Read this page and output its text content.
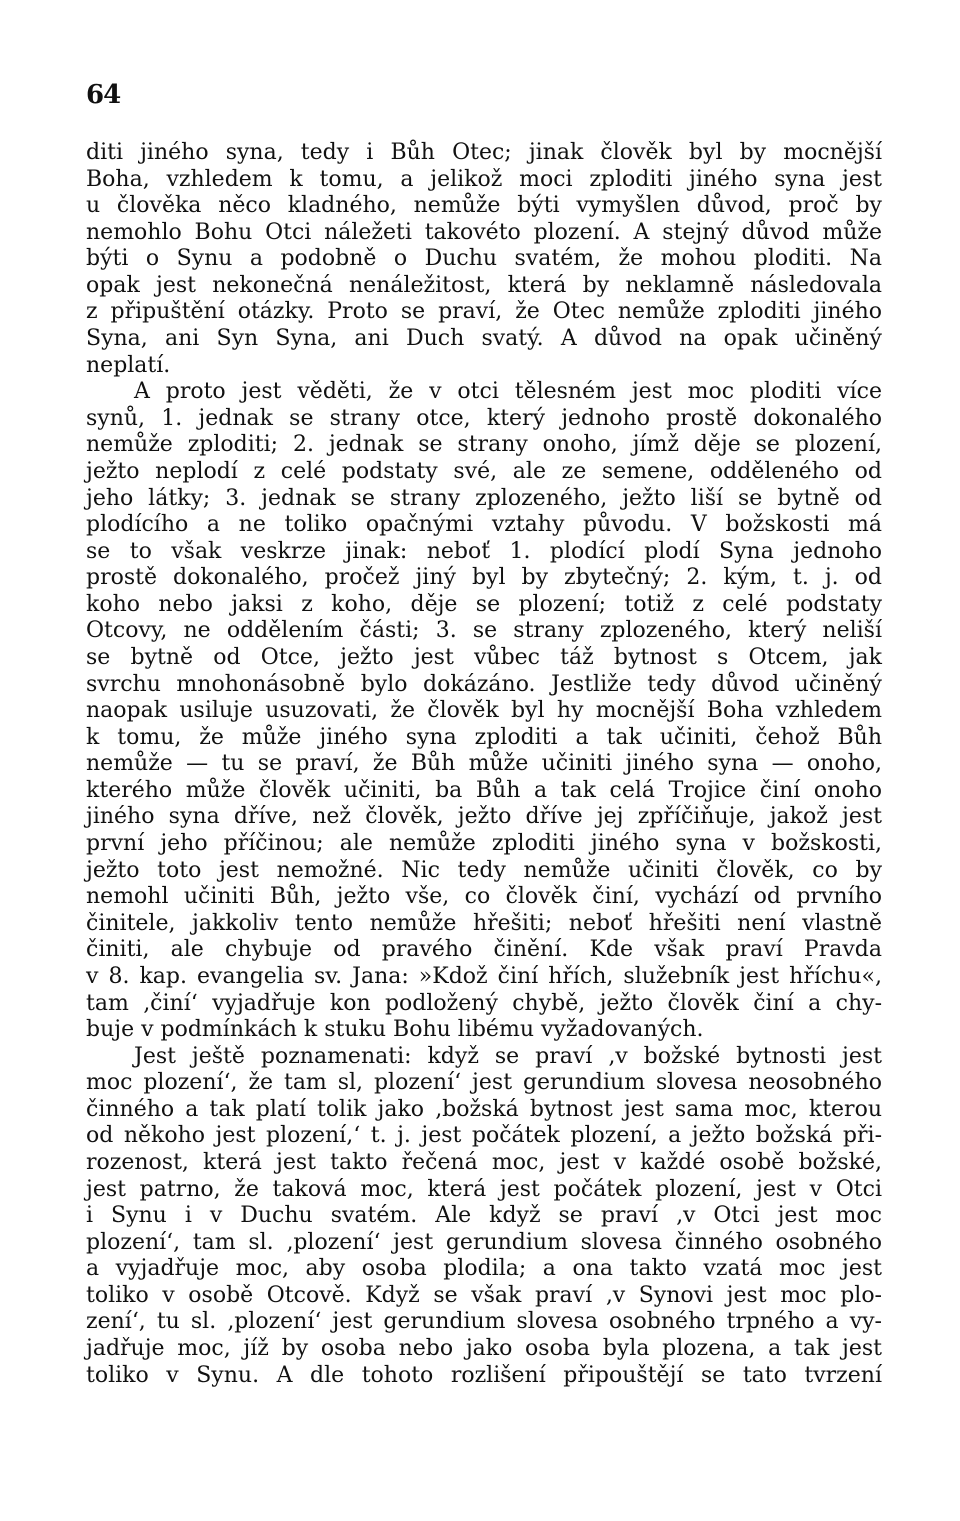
64
diti jiného syna, tedy i Bůh Otec; jinak člověk byl by mocnější
Boha, vzhledem k tomu, a jelikož moci zploditi jiného syna jest
u člověka něco kladného, nemůže býti vymyšlen důvod, proč by
nemohlo Bohu Otci náležeti takovéto plození. A stejný důvod může
býti o Synu a podobně o Duchu svatém, že mohou ploditi. Na
opak jest nekonečná nenáležitost, která by neklamně následovala
z připuštění otázky. Proto se praví, že Otec nemůže zploditi jiného
Syna, ani Syn Syna, ani Duch svatý. A důvod na opak učiněný
neplatí.
A proto jest věděti, že v otci tělesném jest moc ploditi více
synů, 1. jednak se strany otce, který jednoho prostě dokonalého
nemůže zploditi; 2. jednak se strany onoho, jímž děje se plození,
ježto neplodí z celé podstaty své, ale ze semene, odděleného od
jeho látky; 3. jednak se strany zplozeného, ježto liší se bytně od
plodícího a ne toliko opačnými vztahy původu. V božskosti má
se to však veskrze jinak: neboť 1. plodící plodí Syna jednoho
prostě dokonalého, pročež jiný byl by zbytečný; 2. kým, t. j. od
koho nebo jaksi z koho, děje se plození; totiž z celé podstaty
Otcovy, ne oddělením části; 3. se strany zplozeného, který neliší
se bytně od Otce, ježto jest vůbec táž bytnost s Otcem, jak
svrchu mnohonásobně bylo dokázáno. Jestliže tedy důvod učiněný
naopak usiluje usuzovati, že člověk byl hy mocnější Boha vzhledem
k tomu, že může jiného syna zploditi a tak učiniti, čehož Bůh
nemůže — tu se praví, že Bůh může učiniti jiného syna — onoho,
kterého může člověk učiniti, ba Bůh a tak celá Trojice činí onoho
jiného syna dříve, než člověk, ježto dříve jej zpříčiňuje, jakož jest
první jeho příčinou; ale nemůže zploditi jiného syna v božskosti,
ježto toto jest nemožné. Nic tedy nemůže učiniti člověk, co by
nemohl učiniti Bůh, ježto vše, co člověk činí, vychází od prvního
činitele, jakkoliv tento nemůže hřešiti; neboť hřešiti není vlastně
činiti, ale chybuje od pravého činění. Kde však praví Pravda
v 8. kap. evangelia sv. Jana: »Kdož činí hřích, služebník jest hříchu«,
tam ‚činí‘ vyjadřuje kon podložený chybě, ježto člověk činí a chy-
buje v podmínkách k stuku Bohu libému vyžadovaných.
Jest ještě poznamenati: když se praví ‚v božské bytnosti jest
moc plození‘, že tam sl, plození‘ jest gerundium slovesa neosobného
činného a tak platí tolik jako ‚božská bytnost jest sama moc, kterou
od někoho jest plození,‘ t. j. jest počátek plození, a ježto božská při-
rozenost, která jest takto řečená moc, jest v každé osobě božské,
jest patrno, že taková moc, která jest počátek plození, jest v Otci
i Synu i v Duchu svatém. Ale když se praví ‚v Otci jest moc
plození‘, tam sl. ‚plození‘ jest gerundium slovesa činného osobného
a vyjadřuje moc, aby osoba plodila; a ona takto vzatá moc jest
toliko v osobě Otcově. Když se však praví ‚v Synovi jest moc plo-
zení‘, tu sl. ‚plození‘ jest gerundium slovesa osobného trpného a vy-
jadřuje moc, jíž by osoba nebo jako osoba byla plozena, a tak jest
toliko v Synu. A dle tohoto rozlišení připouštějí se tato tvrzení
